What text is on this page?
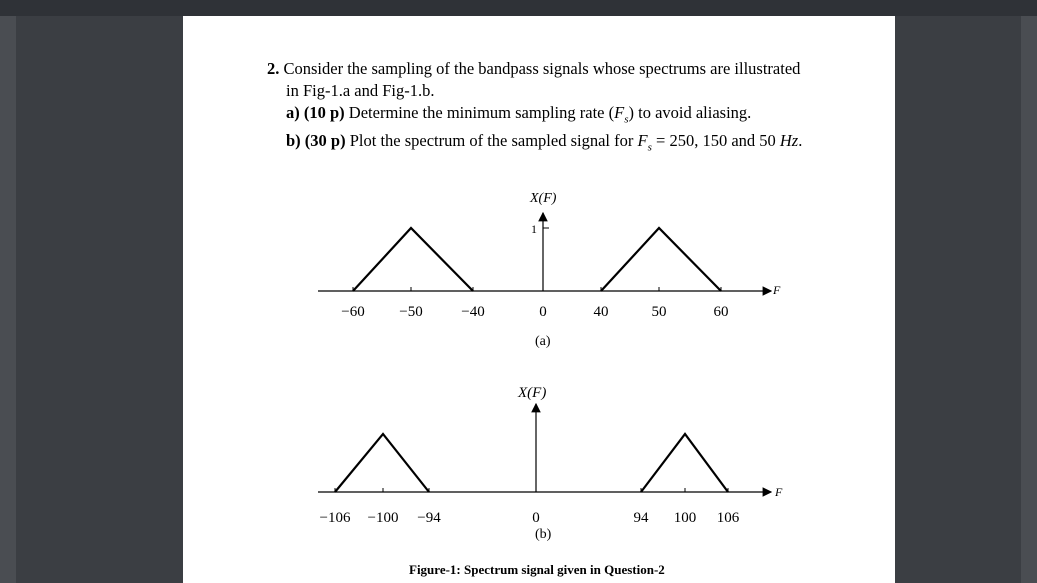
2. Consider the sampling of the bandpass signals whose spectrums are illustrated
in Fig-1.a and Fig-1.b.
a) (10 p) Determine the minimum sampling rate $(F_s)$ to avoid aliasing.
b) (30 p) Plot the spectrum of the sampled signal for $F_s = 250$, 150 and 50 Hz.
X(F)
1
F
−60 −50	−40	0	40	50	60
(a)
X(F)
F
−106 −100 −94	0	94 100 106
(b)
Figure-1: Spectrum signal given in Question-2
